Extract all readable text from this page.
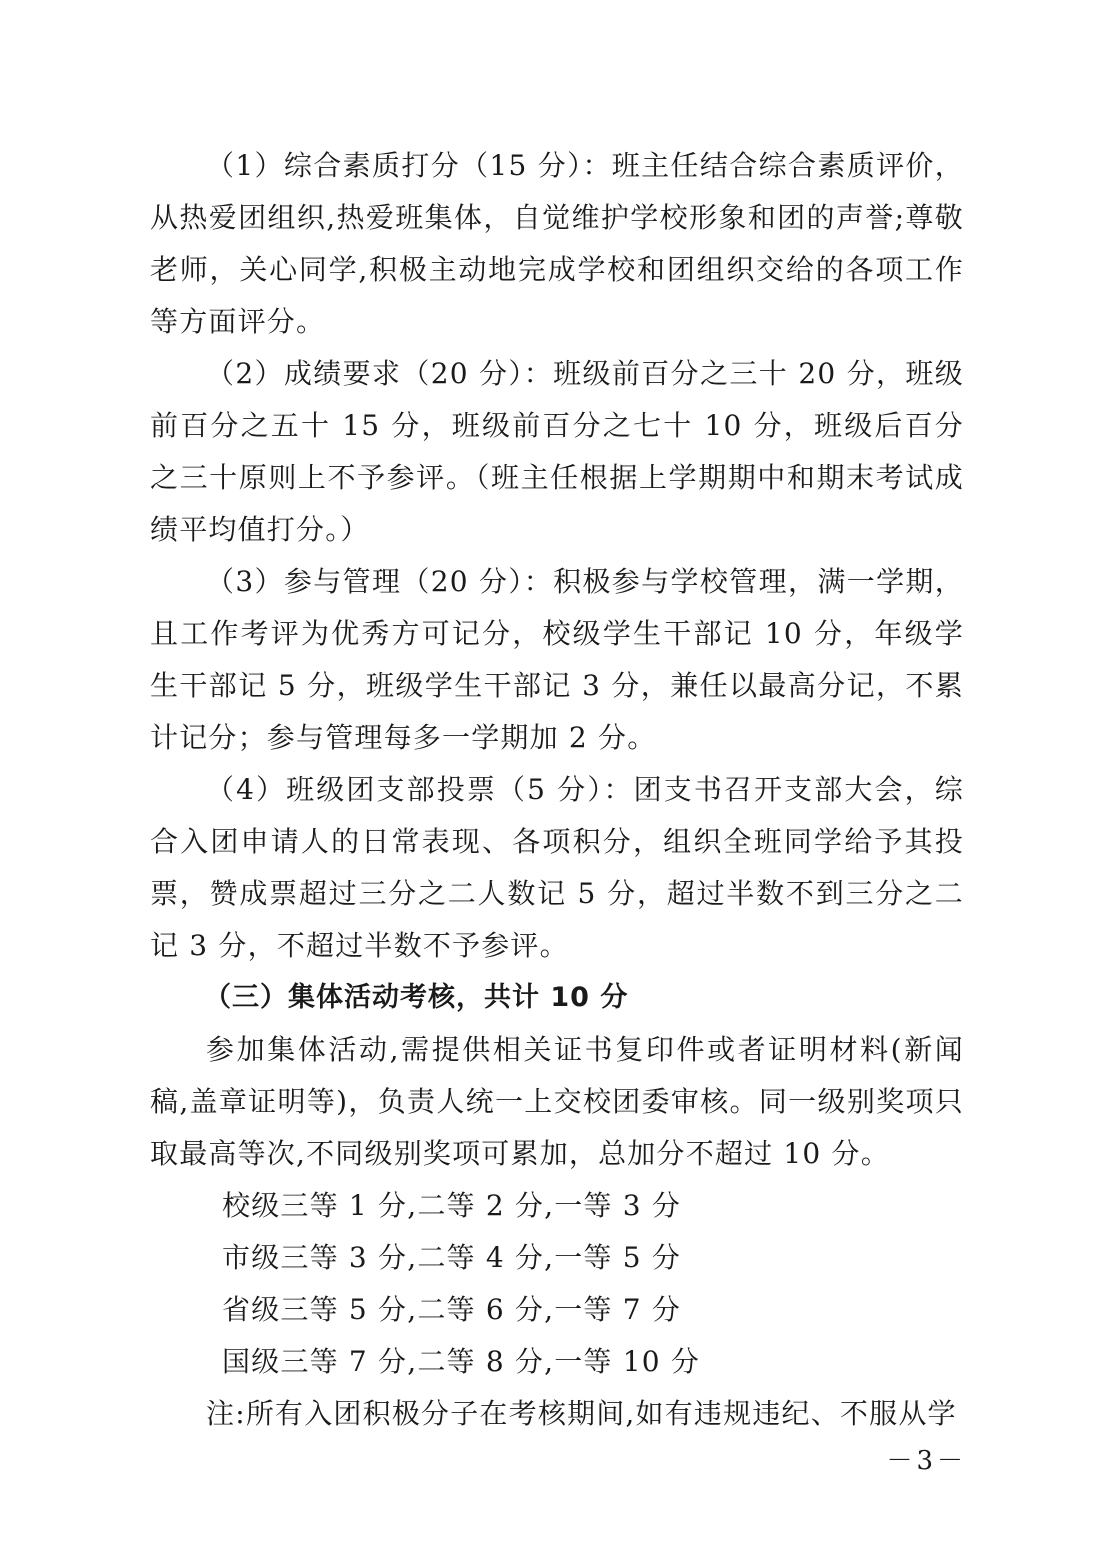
（1）综合素质打分（15 分）：班主任结合综合素质评价，从热爱团组织,热爱班集体，自觉维护学校形象和团的声誉;尊敬老师，关心同学,积极主动地完成学校和团组织交给的各项工作等方面评分。

（2）成绩要求（20 分）：班级前百分之三十 20 分，班级前百分之五十 15 分，班级前百分之七十 10 分，班级后百分之三十原则上不予参评。（班主任根据上学期期中和期末考试成绩平均值打分。）

（3）参与管理（20 分）：积极参与学校管理，满一学期，且工作考评为优秀方可记分，校级学生干部记 10 分，年级学生干部记 5 分，班级学生干部记 3 分，兼任以最高分记，不累计记分；参与管理每多一学期加 2 分。

（4）班级团支部投票（5 分）：团支书召开支部大会，综合入团申请人的日常表现、各项积分，组织全班同学给予其投票，赞成票超过三分之二人数记 5 分，超过半数不到三分之二记 3 分，不超过半数不予参评。

（三）集体活动考核，共计 10 分

参加集体活动,需提供相关证书复印件或者证明材料(新闻稿,盖章证明等)，负责人统一上交校团委审核。同一级别奖项只取最高等次,不同级别奖项可累加，总加分不超过 10 分。

校级三等 1 分,二等 2 分,一等 3 分
市级三等 3 分,二等 4 分,一等 5 分
省级三等 5 分,二等 6 分,一等 7 分
国级三等 7 分,二等 8 分,一等 10 分

注:所有入团积极分子在考核期间,如有违规违纪、不服从学

－3－
